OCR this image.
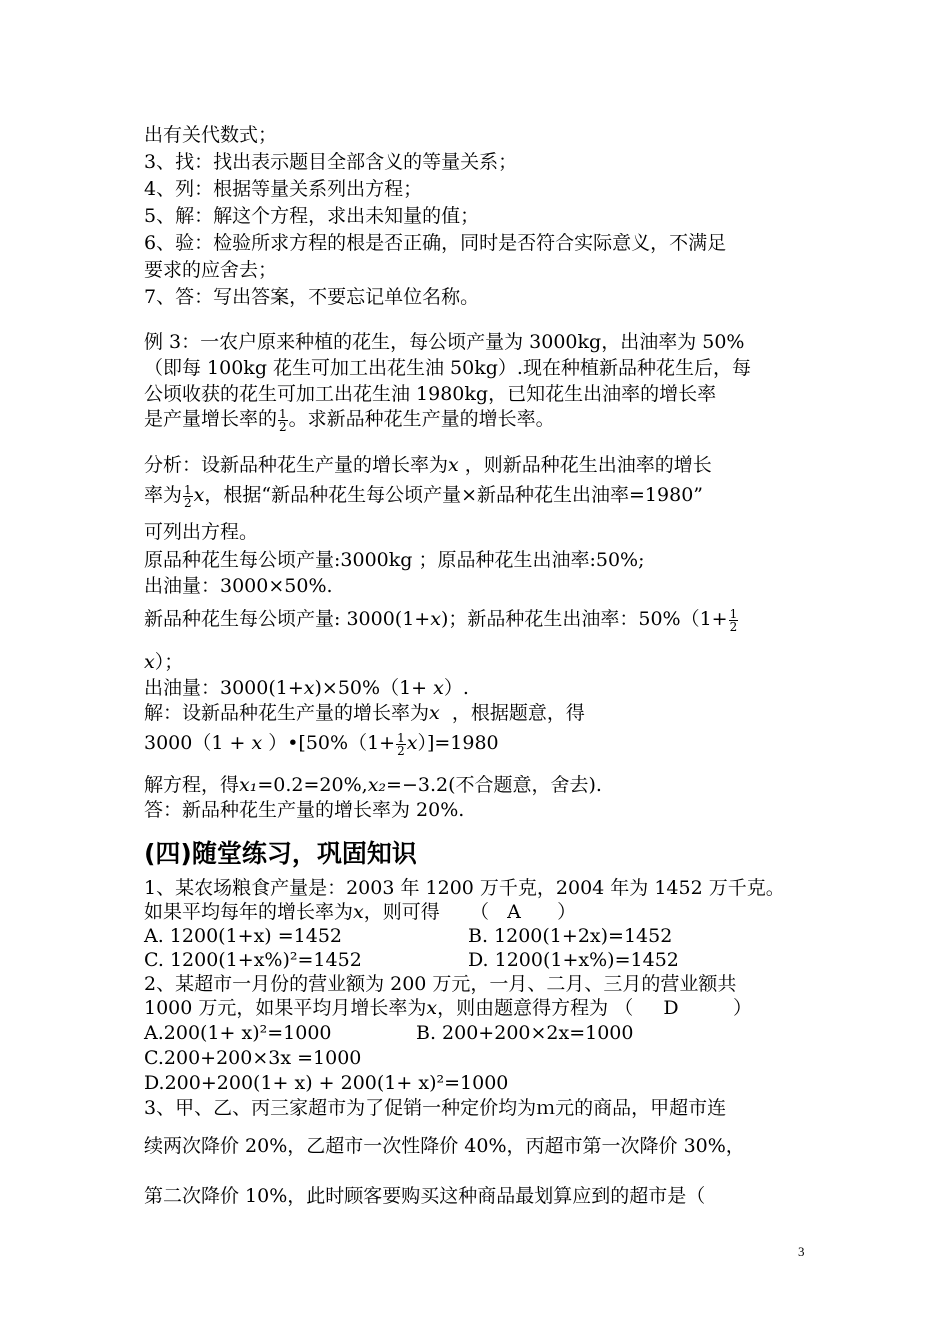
出有关代数式；
3、找：找出表示题目全部含义的等量关系；
4、列：根据等量关系列出方程；
5、解：解这个方程，求出未知量的值；
6、验：检验所求方程的根是否正确，同时是否符合实际意义，不满足
要求的应舍去；
7、答：写出答案，不要忘记单位名称。
例 3：一农户原来种植的花生，每公顷产量为 3000kg，出油率为 50%
（即每 100kg 花生可加工出花生油 50kg）.现在种植新品种花生后，每
公顷收获的花生可加工出花生油 1980kg，已知花生出油率的增长率
是产量增长率的 $\frac{1}{2}$ 。求新品种花生产量的增长率。
分析：设新品种花生产量的增长率为x ，则新品种花生出油率的增长
率为 $\frac{1}{2}$ x，根据“新品种花生每公顷产量×新品种花生出油率=1980”
可列出方程。
原品种花生每公顷产量:3000kg ；原品种花生出油率:50%;
出油量：3000×50%.
新品种花生每公顷产量: 3000(1+x)；新品种花生出油率：$50\%(1+ \frac{1}{2}$
x）；
出油量：3000(1+x)×50%（1+ x）.
解：设新品种花生产量的增长率为x ，根据题意，得
3000（1 + x ）•[50%（1+ $\frac{1}{2} x)]=1980$
解方程，得x₁=0.2=20%,x₂=−3.2(不合题意，舍去).
答：新品种花生产量的增长率为 20%.
(四)随堂练习，巩固知识
1、某农场粮食产量是：2003 年 1200 万千克，2004 年为 1452 万千克。
如果平均每年的增长率为x，则可得 （ A ）
A. 1200(1+x) =1452	B. 1200(1+2x)=1452
C. 1200(1+x%)²=1452	D. 1200(1+x%)=1452
2、某超市一月份的营业额为 200 万元，一月、二月、三月的营业额共
1000 万元，如果平均月增长率为x，则由题意得方程为 （ D	）
A.200(1+ x)²=1000	B. 200+200×2x=1000
C.200+200×3x =1000
D.200+200(1+ x) + 200(1+ x)²=1000
3、甲、乙、丙三家超市为了促销一种定价均为ｍ元的商品，甲超市连
续两次降价 20%，乙超市一次性降价 40%，丙超市第一次降价 30%，
第二次降价 10%，此时顾客要购买这种商品最划算应到的超市是（
3
